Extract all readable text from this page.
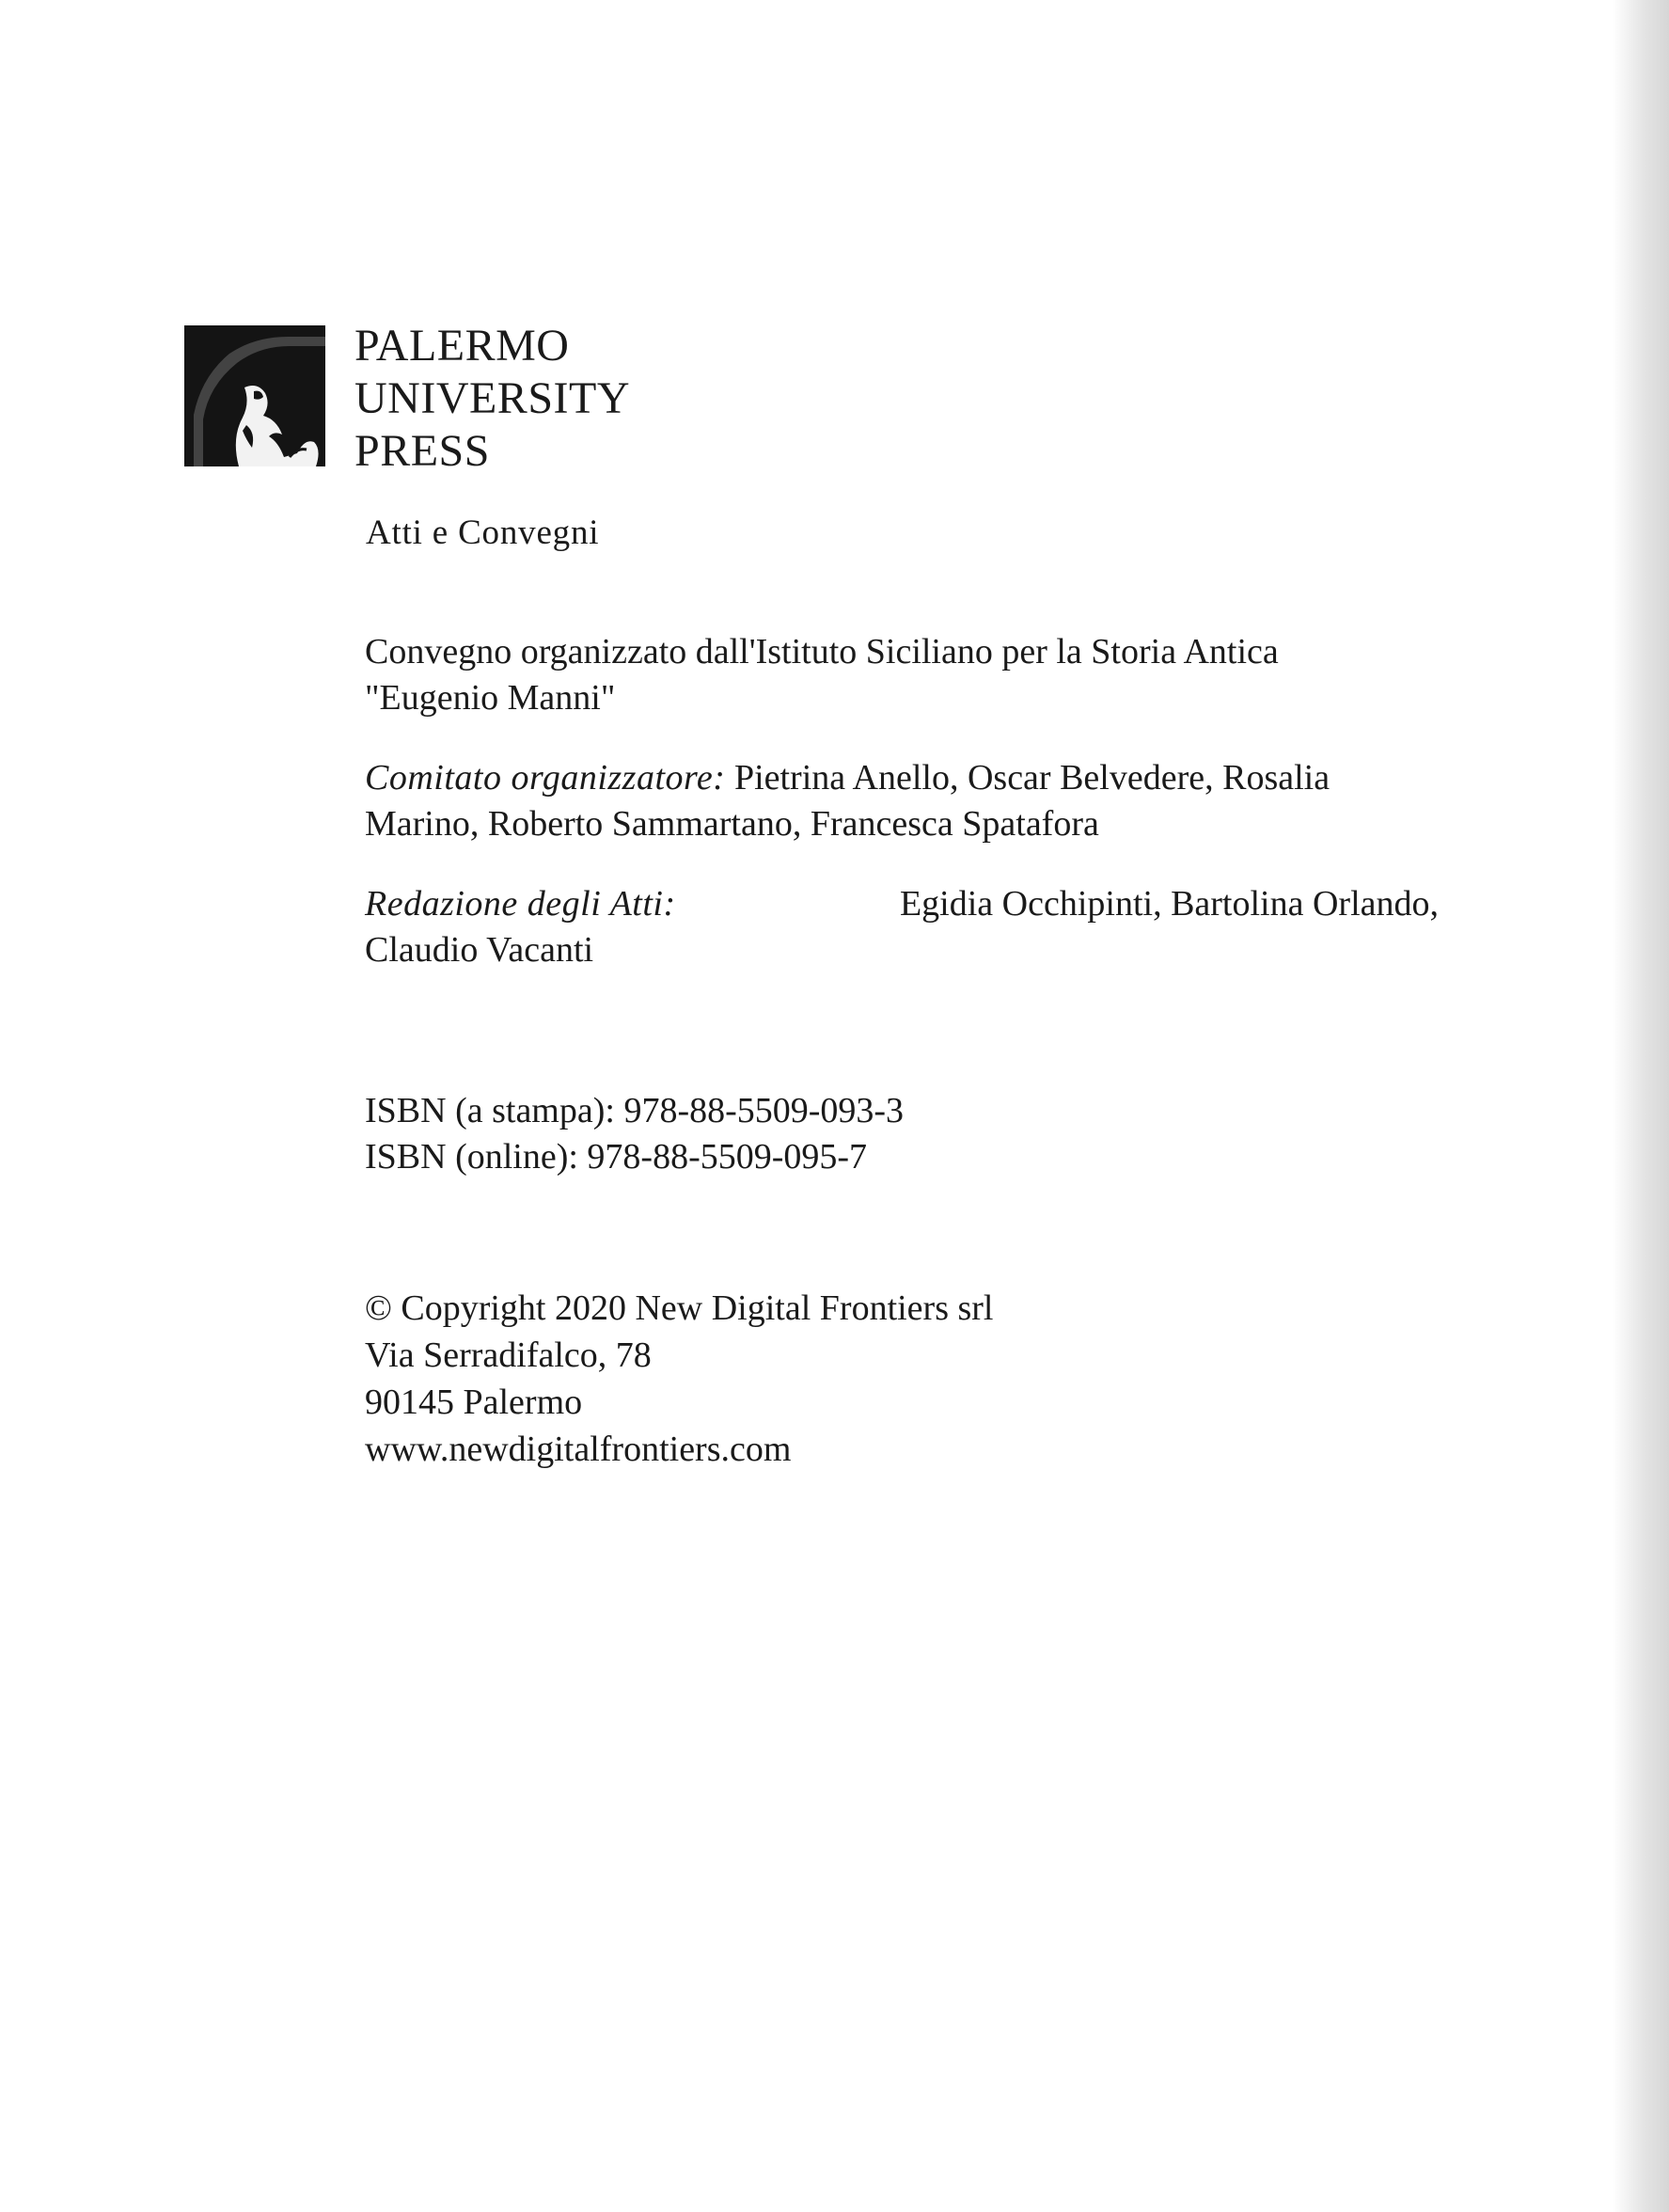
PALERMO
UNIVERSITY
PRESS
Atti e Convegni
Convegno organizzato dall'Istituto Siciliano per la Storia Antica
"Eugenio Manni"
Comitato organizzatore: Pietrina Anello, Oscar Belvedere, Rosalia
Marino, Roberto Sammartano, Francesca Spatafora
Redazione degli Atti:	Egidia Occhipinti, Bartolina Orlando,
Claudio Vacanti
ISBN (a stampa): 978-88-5509-093-3
ISBN (online): 978-88-5509-095-7
© Copyright 2020 New Digital Frontiers srl
Via Serradifalco, 78
90145 Palermo
www.newdigitalfrontiers.com
